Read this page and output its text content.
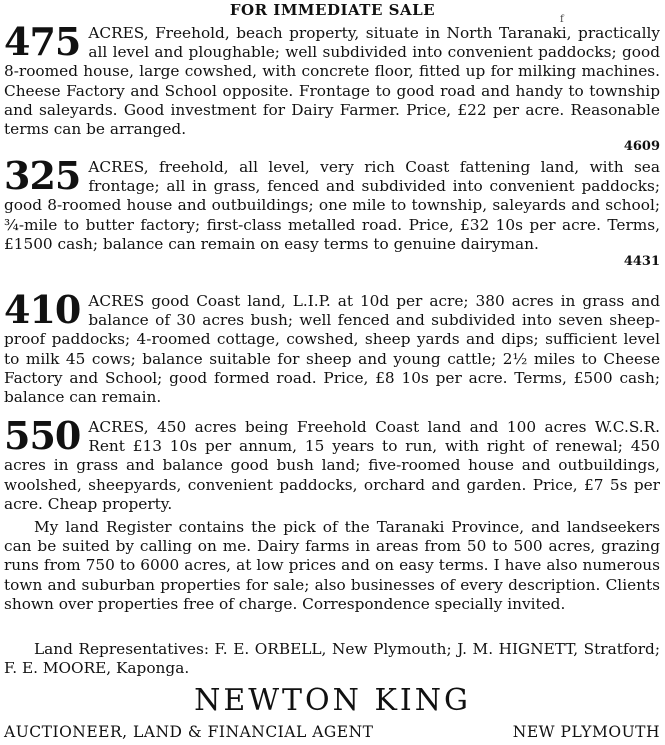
FOR IMMEDIATE SALE
f
475 ACRES, Freehold, beach property, situate in North Taranaki, practically all level and ploughable; well subdivided into convenient paddocks; good 8-roomed house, large cowshed, with concrete floor, fitted up for milking machines. Cheese Factory and School opposite. Frontage to good road and handy to township and saleyards. Good investment for Dairy Farmer. Price, £22 per acre. Reasonable terms can be arranged.
4609
325 ACRES, freehold, all level, very rich Coast fattening land, with sea frontage; all in grass, fenced and subdivided into convenient paddocks; good 8-roomed house and outbuildings; one mile to township, saleyards and school; ¾-mile to butter factory; first-class metalled road. Price, £32 10s per acre. Terms, £1500 cash; balance can remain on easy terms to genuine dairyman.
4431
410 ACRES good Coast land, L.I.P. at 10d per acre; 380 acres in grass and balance of 30 acres bush; well fenced and subdivided into seven sheep-proof paddocks; 4-roomed cottage, cowshed, sheep yards and dips; sufficient level to milk 45 cows; balance suitable for sheep and young cattle; 2½ miles to Cheese Factory and School; good formed road. Price, £8 10s per acre. Terms, £500 cash; balance can remain.
550 ACRES, 450 acres being Freehold Coast land and 100 acres W.C.S.R. Rent £13 10s per annum, 15 years to run, with right of renewal; 450 acres in grass and balance good bush land; five-roomed house and outbuildings, woolshed, sheepyards, convenient paddocks, orchard and garden. Price, £7 5s per acre. Cheap property.
My land Register contains the pick of the Taranaki Province, and landseekers can be suited by calling on me. Dairy farms in areas from 50 to 500 acres, grazing runs from 750 to 6000 acres, at low prices and on easy terms. I have also numerous town and suburban properties for sale; also businesses of every description. Clients shown over properties free of charge. Correspondence specially invited.
Land Representatives: F. E. ORBELL, New Plymouth; J. M. HIGNETT, Stratford; F. E. MOORE, Kaponga.
NEWTON KING
AUCTIONEER, LAND & FINANCIAL AGENT	NEW PLYMOUTH
